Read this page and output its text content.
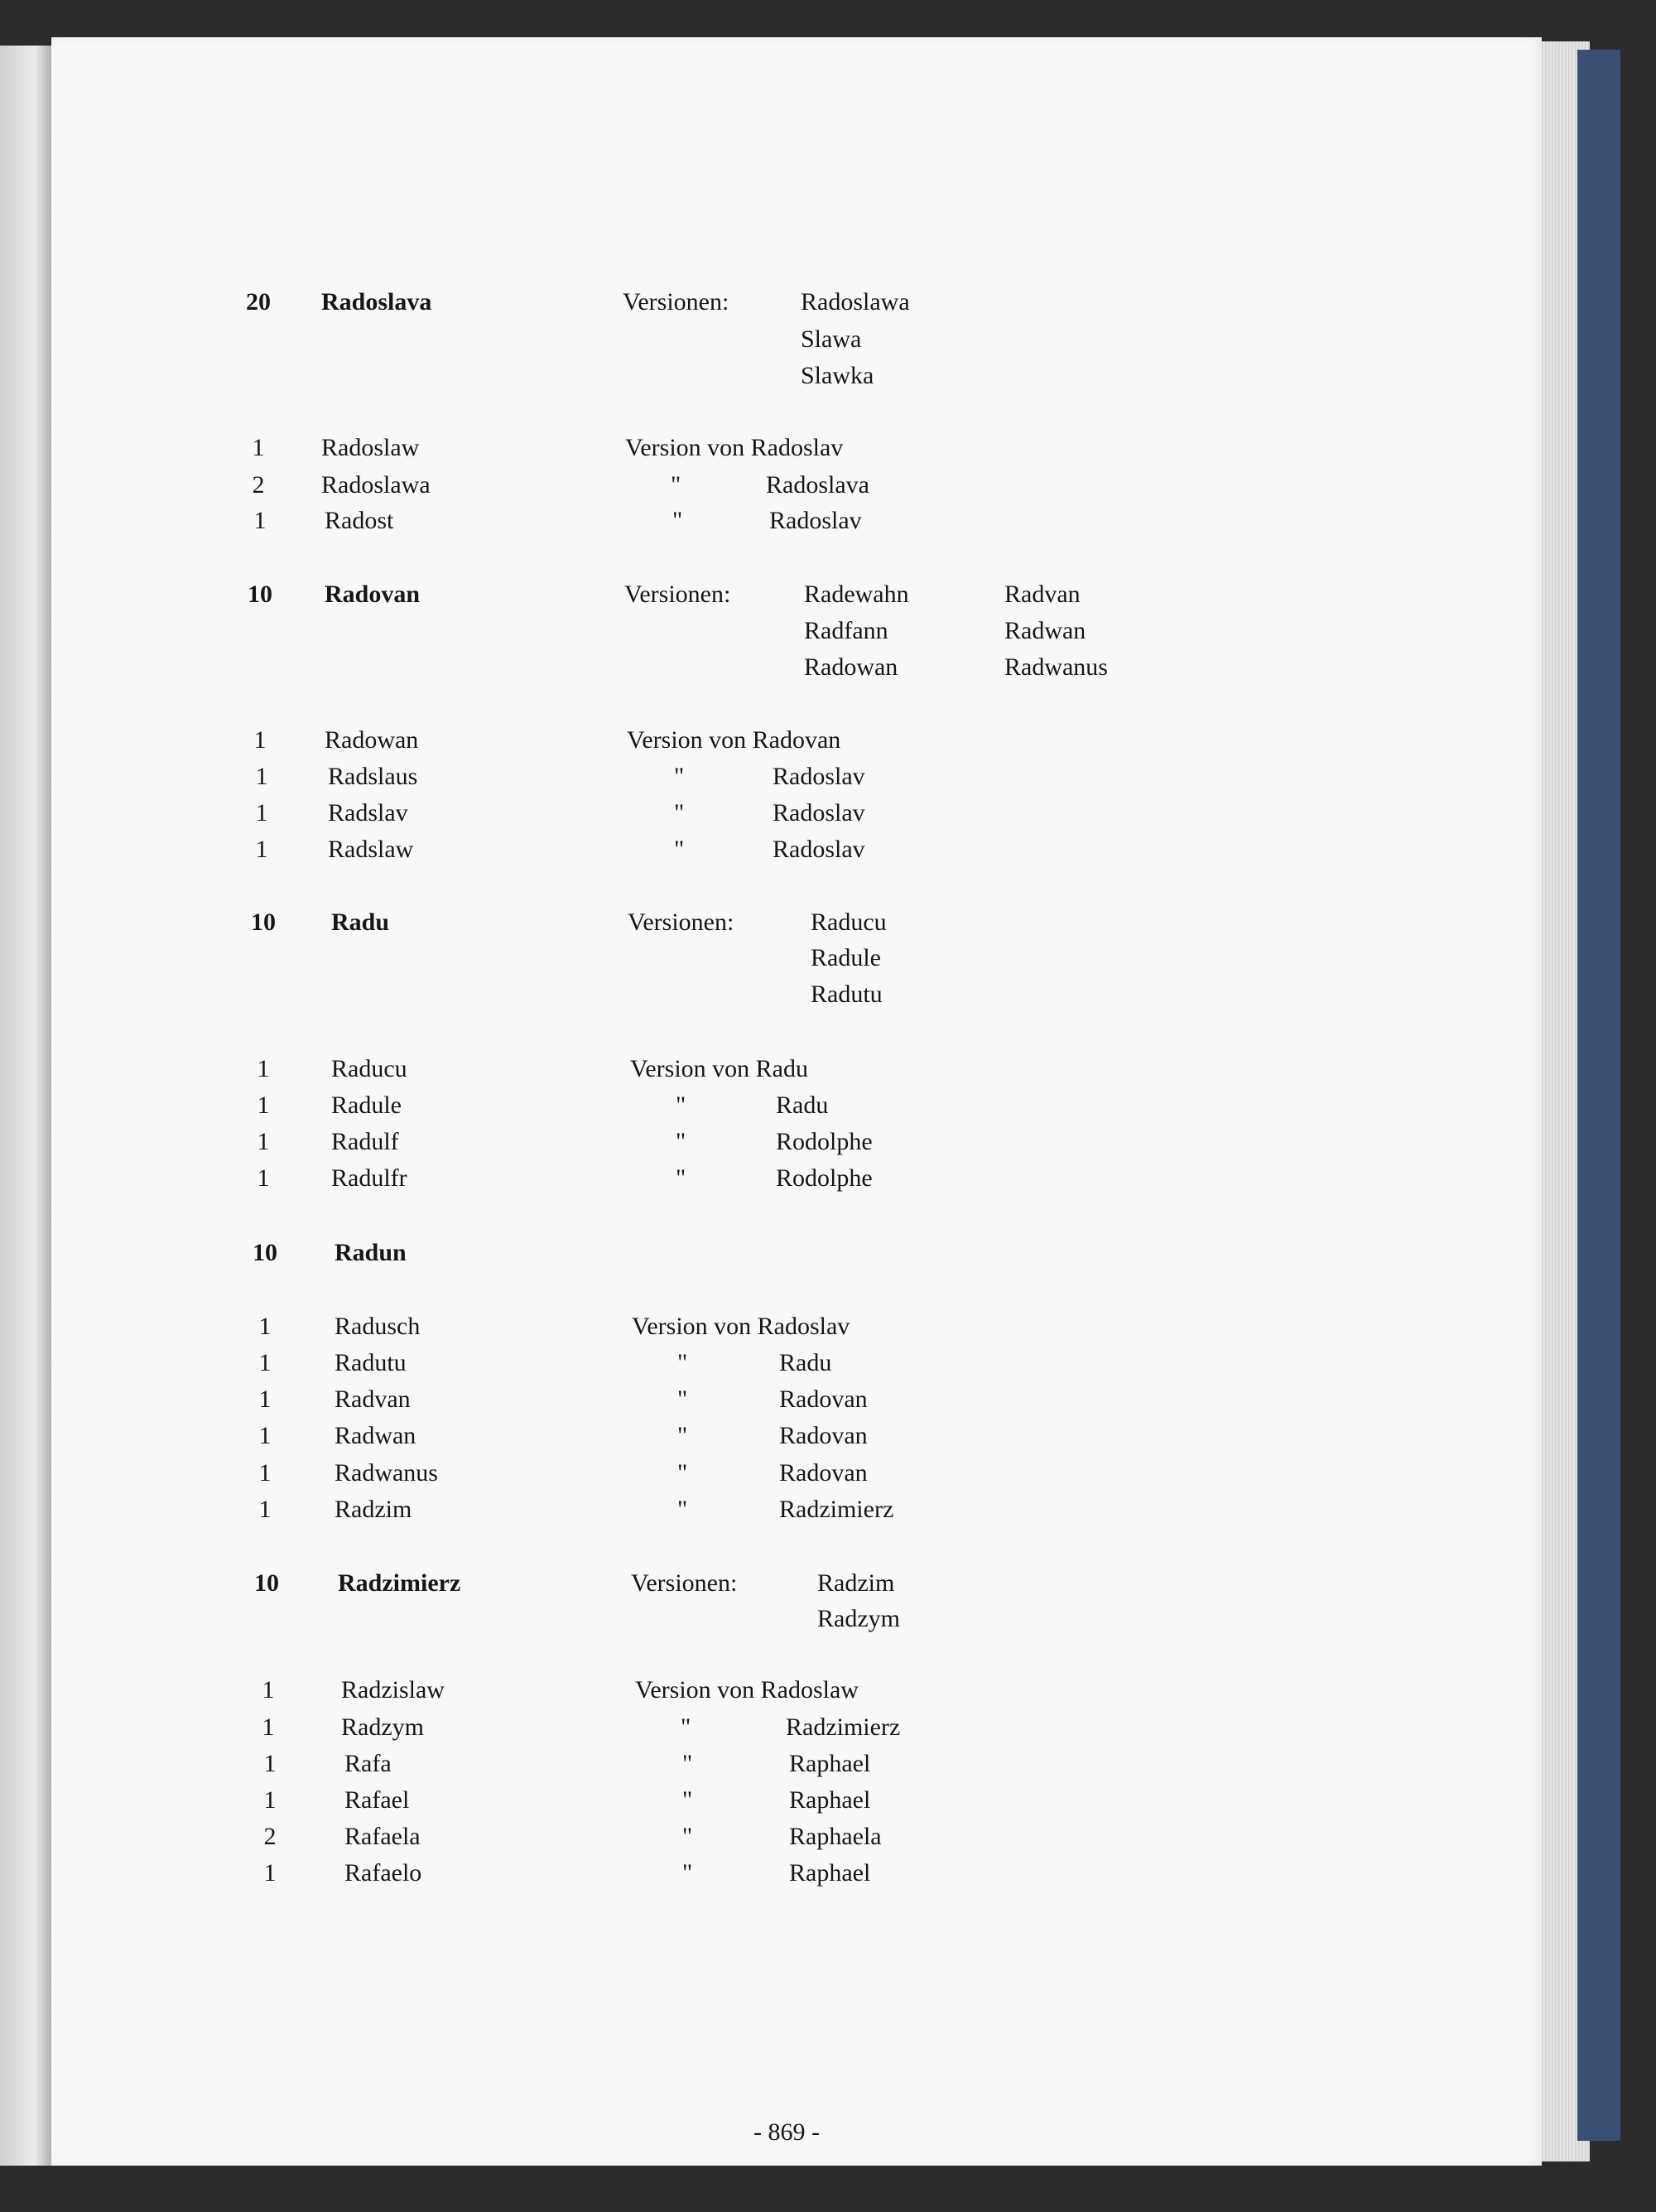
20	Radoslava	Versionen:	Radoslawa
Slawa
Slawka
1	Radoslaw	Version von Radoslav
2	Radoslawa	"	Radoslava
1	Radost	"	Radoslav
10	Radovan	Versionen:	Radewahn	Radvan
Radfann	Radwan
Radowan	Radwanus
1	Radowan	Version von Radovan
1	Radslaus	"	Radoslav
1	Radslav	"	Radoslav
1	Radslaw	"	Radoslav
10	Radu	Versionen:	Raducu
Radule
Radutu
1	Raducu	Version von Radu
1	Radule	"	Radu
1	Radulf	"	Rodolphe
1	Radulfr	"	Rodolphe
10	Radun
1	Radusch	Version von Radoslav
1	Radutu	"	Radu
1	Radvan	"	Radovan
1	Radwan	"	Radovan
1	Radwanus	"	Radovan
1	Radzim	"	Radzimierz
10	Radzimierz	Versionen:	Radzim
Radzym
1	Radzislaw	Version von Radoslaw
1	Radzym	"	Radzimierz
1	Rafa	"	Raphael
1	Rafael	"	Raphael
2	Rafaela	"	Raphaela
1	Rafaelo	"	Raphael
- 869 -
